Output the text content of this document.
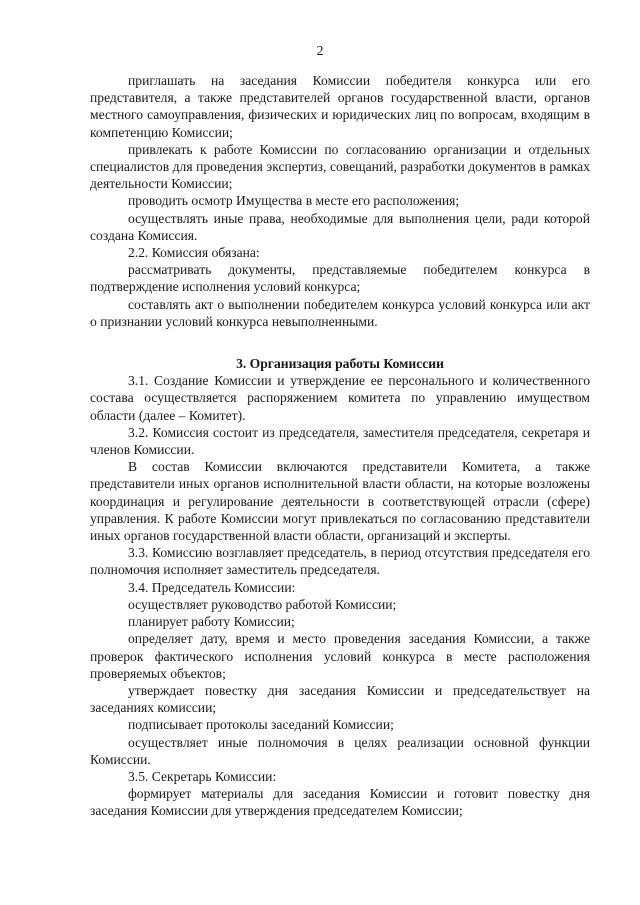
2

приглашать на заседания Комиссии победителя конкурса или его представителя, а также представителей органов государственной власти, органов местного самоуправления, физических и юридических лиц по вопросам, входящим в компетенцию Комиссии;

привлекать к работе Комиссии по согласованию организации и отдельных специалистов для проведения экспертиз, совещаний, разработки документов в рамках деятельности Комиссии;

проводить осмотр Имущества в месте его расположения;

осуществлять иные права, необходимые для выполнения цели, ради которой создана Комиссия.

2.2. Комиссия обязана:

рассматривать документы, представляемые победителем конкурса в подтверждение исполнения условий конкурса;

составлять акт о выполнении победителем конкурса условий конкурса или акт о признании условий конкурса невыполненными.

3. Организация работы Комиссии

3.1. Создание Комиссии и утверждение ее персонального и количественного состава осуществляется распоряжением комитета по управлению имуществом области (далее – Комитет).

3.2. Комиссия состоит из председателя, заместителя председателя, секретаря и членов Комиссии.

В состав Комиссии включаются представители Комитета, а также представители иных органов исполнительной власти области, на которые возложены координация и регулирование деятельности в соответствующей отрасли (сфере) управления. К работе Комиссии могут привлекаться по согласованию представители иных органов государственной власти области, организаций и эксперты.

3.3. Комиссию возглавляет председатель, в период отсутствия председателя его полномочия исполняет заместитель председателя.

3.4. Председатель Комиссии:

осуществляет руководство работой Комиссии;

планирует работу Комиссии;

определяет дату, время и место проведения заседания Комиссии, а также проверок фактического исполнения условий конкурса в месте расположения проверяемых объектов;

утверждает повестку дня заседания Комиссии и председательствует на заседаниях комиссии;

подписывает протоколы заседаний Комиссии;

осуществляет иные полномочия в целях реализации основной функции Комиссии.

3.5. Секретарь Комиссии:

формирует материалы для заседания Комиссии и готовит повестку дня заседания Комиссии для утверждения председателем Комиссии;
